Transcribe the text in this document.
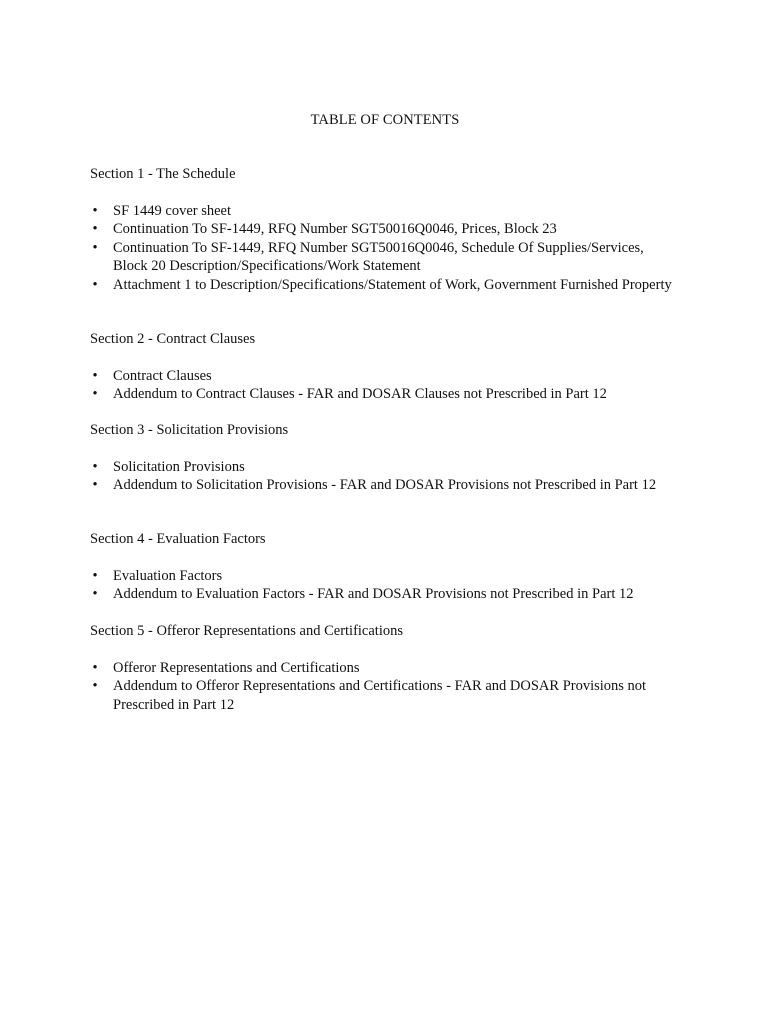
TABLE OF CONTENTS

Section 1 - The Schedule

• SF 1449 cover sheet
• Continuation To SF-1449, RFQ Number SGT50016Q0046, Prices, Block 23
• Continuation To SF-1449, RFQ Number SGT50016Q0046, Schedule Of Supplies/Services, Block 20 Description/Specifications/Work Statement
• Attachment 1 to Description/Specifications/Statement of Work, Government Furnished Property

Section 2 - Contract Clauses

• Contract Clauses
• Addendum to Contract Clauses - FAR and DOSAR Clauses not Prescribed in Part 12

Section 3 - Solicitation Provisions

• Solicitation Provisions
• Addendum to Solicitation Provisions - FAR and DOSAR Provisions not Prescribed in Part 12

Section 4 - Evaluation Factors

• Evaluation Factors
• Addendum to Evaluation Factors - FAR and DOSAR Provisions not Prescribed in Part 12

Section 5 - Offeror Representations and Certifications

• Offeror Representations and Certifications
• Addendum to Offeror Representations and Certifications - FAR and DOSAR Provisions not Prescribed in Part 12
